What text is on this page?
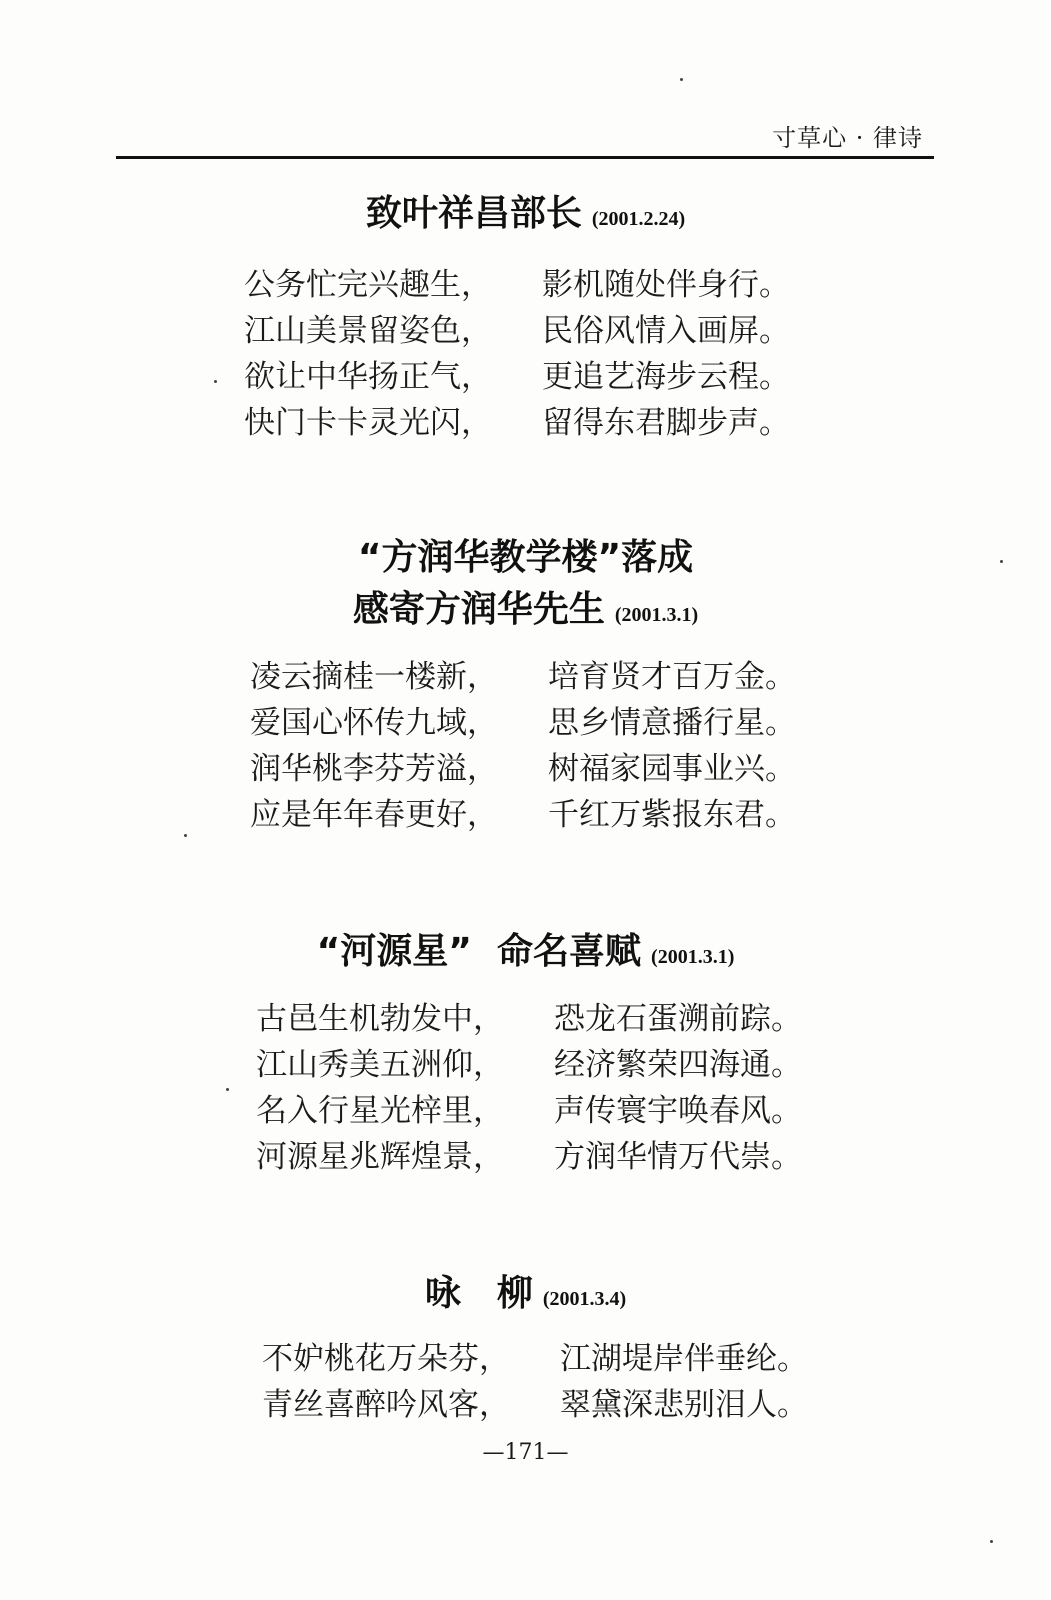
寸草心 · 律诗
致叶祥昌部长 (2001.2.24)
公务忙完兴趣生，	影机随处伴身行。
江山美景留姿色，	民俗风情入画屏。
欲让中华扬正气，	更追艺海步云程。
快门卡卡灵光闪，	留得东君脚步声。
“方润华教学楼”落成
感寄方润华先生 (2001.3.1)
凌云摘桂一楼新，	培育贤才百万金。
爱国心怀传九域，	思乡情意播行星。
润华桃李芬芳溢，	树福家园事业兴。
应是年年春更好，	千红万紫报东君。
“河源星”  命名喜赋 (2001.3.1)
古邑生机勃发中，	恐龙石蛋溯前踪。
江山秀美五洲仰，	经济繁荣四海通。
名入行星光梓里，	声传寰宇唤春风。
河源星兆辉煌景，	方润华情万代崇。
咏　柳 (2001.3.4)
不妒桃花万朵芬，	江湖堤岸伴垂纶。
青丝喜醉吟风客，	翠黛深悲别泪人。
—171—
